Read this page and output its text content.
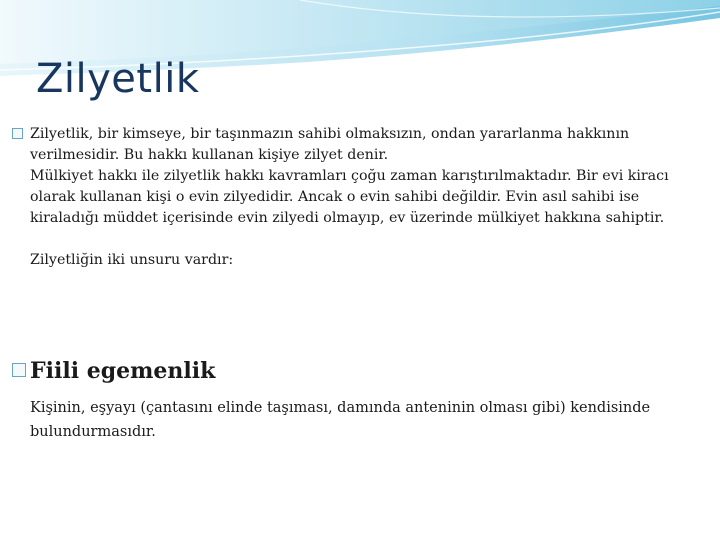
Zilyetlik

Zilyetlik, bir kimseye, bir taşınmazın sahibi olmaksızın, ondan yararlanma hakkının verilmesidir. Bu hakkı kullanan kişiye zilyet denir.

Mülkiyet hakkı ile zilyetlik hakkı kavramları çoğu zaman karıştırılmaktadır. Bir evi kiracı olarak kullanan kişi o evin zilyedidir. Ancak o evin sahibi değildir. Evin asıl sahibi ise kiraladığı müddet içerisinde evin zilyedi olmayıp, ev üzerinde mülkiyet hakkına sahiptir.

Zilyetliğin iki unsuru vardır:

Fiili egemenlik

Kişinin, eşyayı (çantasını elinde taşıması, damında anteninin olması gibi) kendisinde bulundurmasıdır.
